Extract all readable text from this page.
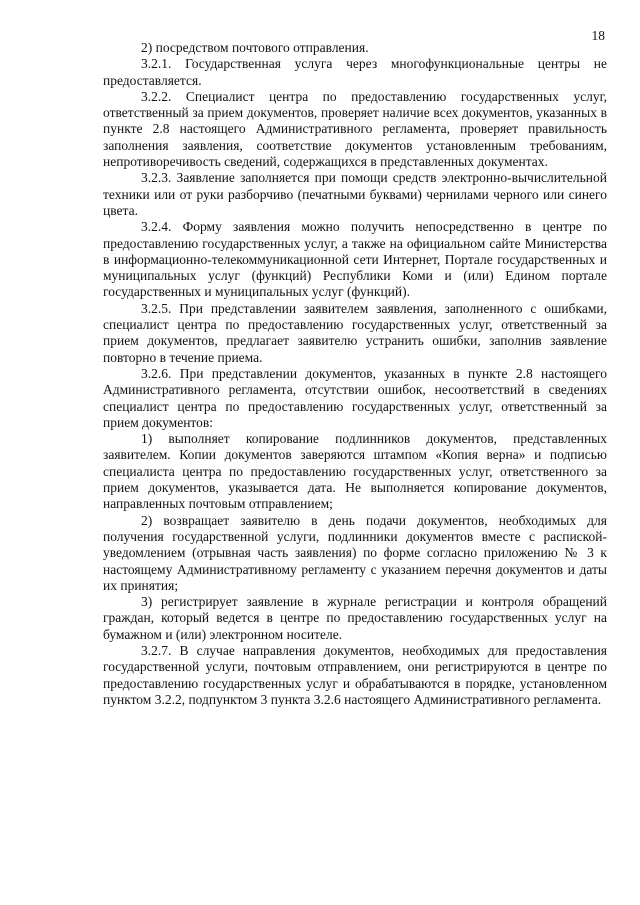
18

2) посредством почтового отправления.

3.2.1. Государственная услуга через многофункциональные центры не предоставляется.

3.2.2. Специалист центра по предоставлению государственных услуг, ответственный за прием документов, проверяет наличие всех документов, указанных в пункте 2.8 настоящего Административного регламента, проверяет правильность заполнения заявления, соответствие документов установленным требованиям, непротиворечивость сведений, содержащихся в представленных документах.

3.2.3. Заявление заполняется при помощи средств электронно-вычислительной техники или от руки разборчиво (печатными буквами) чернилами черного или синего цвета.

3.2.4. Форму заявления можно получить непосредственно в центре по предоставлению государственных услуг, а также на официальном сайте Министерства в информационно-телекоммуникационной сети Интернет, Портале государственных и муниципальных услуг (функций) Республики Коми и (или) Едином портале государственных и муниципальных услуг (функций).

3.2.5. При представлении заявителем заявления, заполненного с ошибками, специалист центра по предоставлению государственных услуг, ответственный за прием документов, предлагает заявителю устранить ошибки, заполнив заявление повторно в течение приема.

3.2.6. При представлении документов, указанных в пункте 2.8 настоящего Административного регламента, отсутствии ошибок, несоответствий в сведениях специалист центра по предоставлению государственных услуг, ответственный за прием документов:

1) выполняет копирование подлинников документов, представленных заявителем. Копии документов заверяются штампом «Копия верна» и подписью специалиста центра по предоставлению государственных услуг, ответственного за прием документов, указывается дата. Не выполняется копирование документов, направленных почтовым отправлением;

2) возвращает заявителю в день подачи документов, необходимых для получения государственной услуги, подлинники документов вместе с распиской-уведомлением (отрывная часть заявления) по форме согласно приложению № 3 к настоящему Административному регламенту с указанием перечня документов и даты их принятия;

3) регистрирует заявление в журнале регистрации и контроля обращений граждан, который ведется в центре по предоставлению государственных услуг на бумажном и (или) электронном носителе.

3.2.7. В случае направления документов, необходимых для предоставления государственной услуги, почтовым отправлением, они регистрируются в центре по предоставлению государственных услуг и обрабатываются в порядке, установленном пунктом 3.2.2, подпунктом 3 пункта 3.2.6 настоящего Административного регламента.
